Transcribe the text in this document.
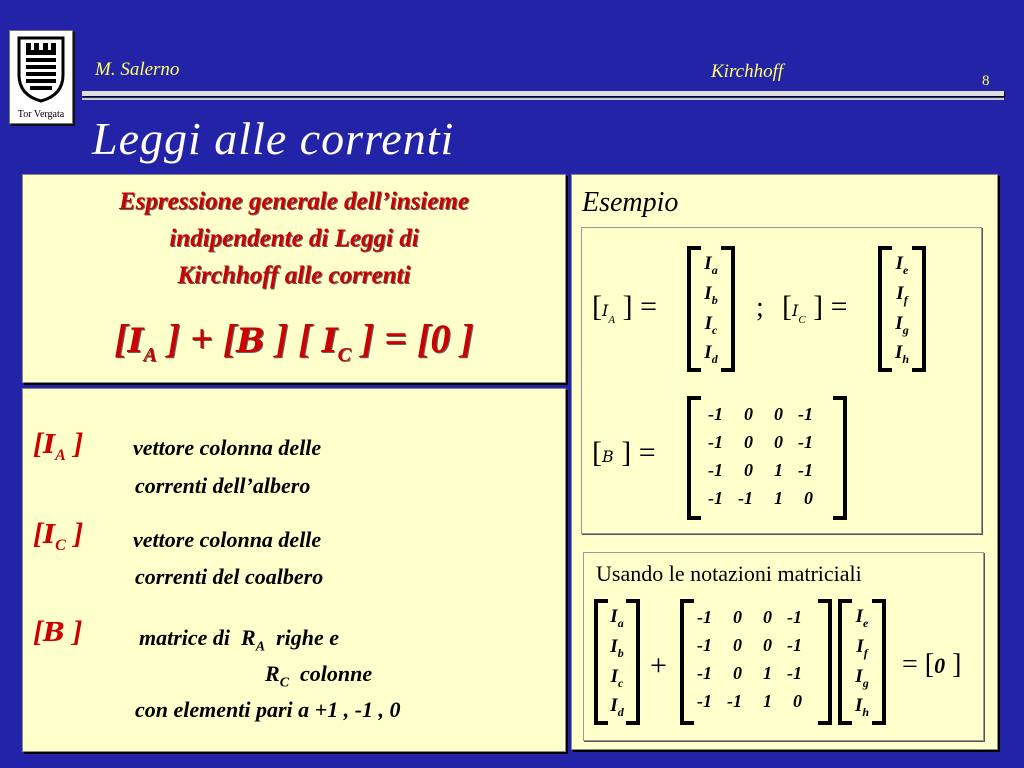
Tor Vergata
M. Salerno	Kirchhoff	8
Leggi alle correnti
Espressione generale dell’insieme
indipendente di Leggi di
Kirchhoff alle correnti
[$I_A$ ] + [B ] [ $I_C$ ] = [0 ]
[$I_A$ ] vettore colonna delle
correnti dell’albero
[$I_C$ ] vettore colonna delle
correnti del coalbero
[B ]	matrice di $R_A$ righe e
$R_C$ colonne
con elementi pari a +1 , -1 , 0
Esempio
[$I_A$ ] =
$I_a$
$I_b$
$I_c$
$I_d$
; [$I_C$ ] =
$I_e$
$I_f$
$I_g$
$I_h$
[B ] =
-1	0	0	-1
-1	0	0	-1
-1	0	1	-1
-1	-1	1	0
Usando le notazioni matriciali
$I_a$
$I_b$
$I_c$
$I_d$
+
-1	0	0	-1
-1	0	0	-1
-1	0	1	-1
-1	-1	1	0
$I_e$
$I_f$
$I_g$
$I_h$
= [0 ]
